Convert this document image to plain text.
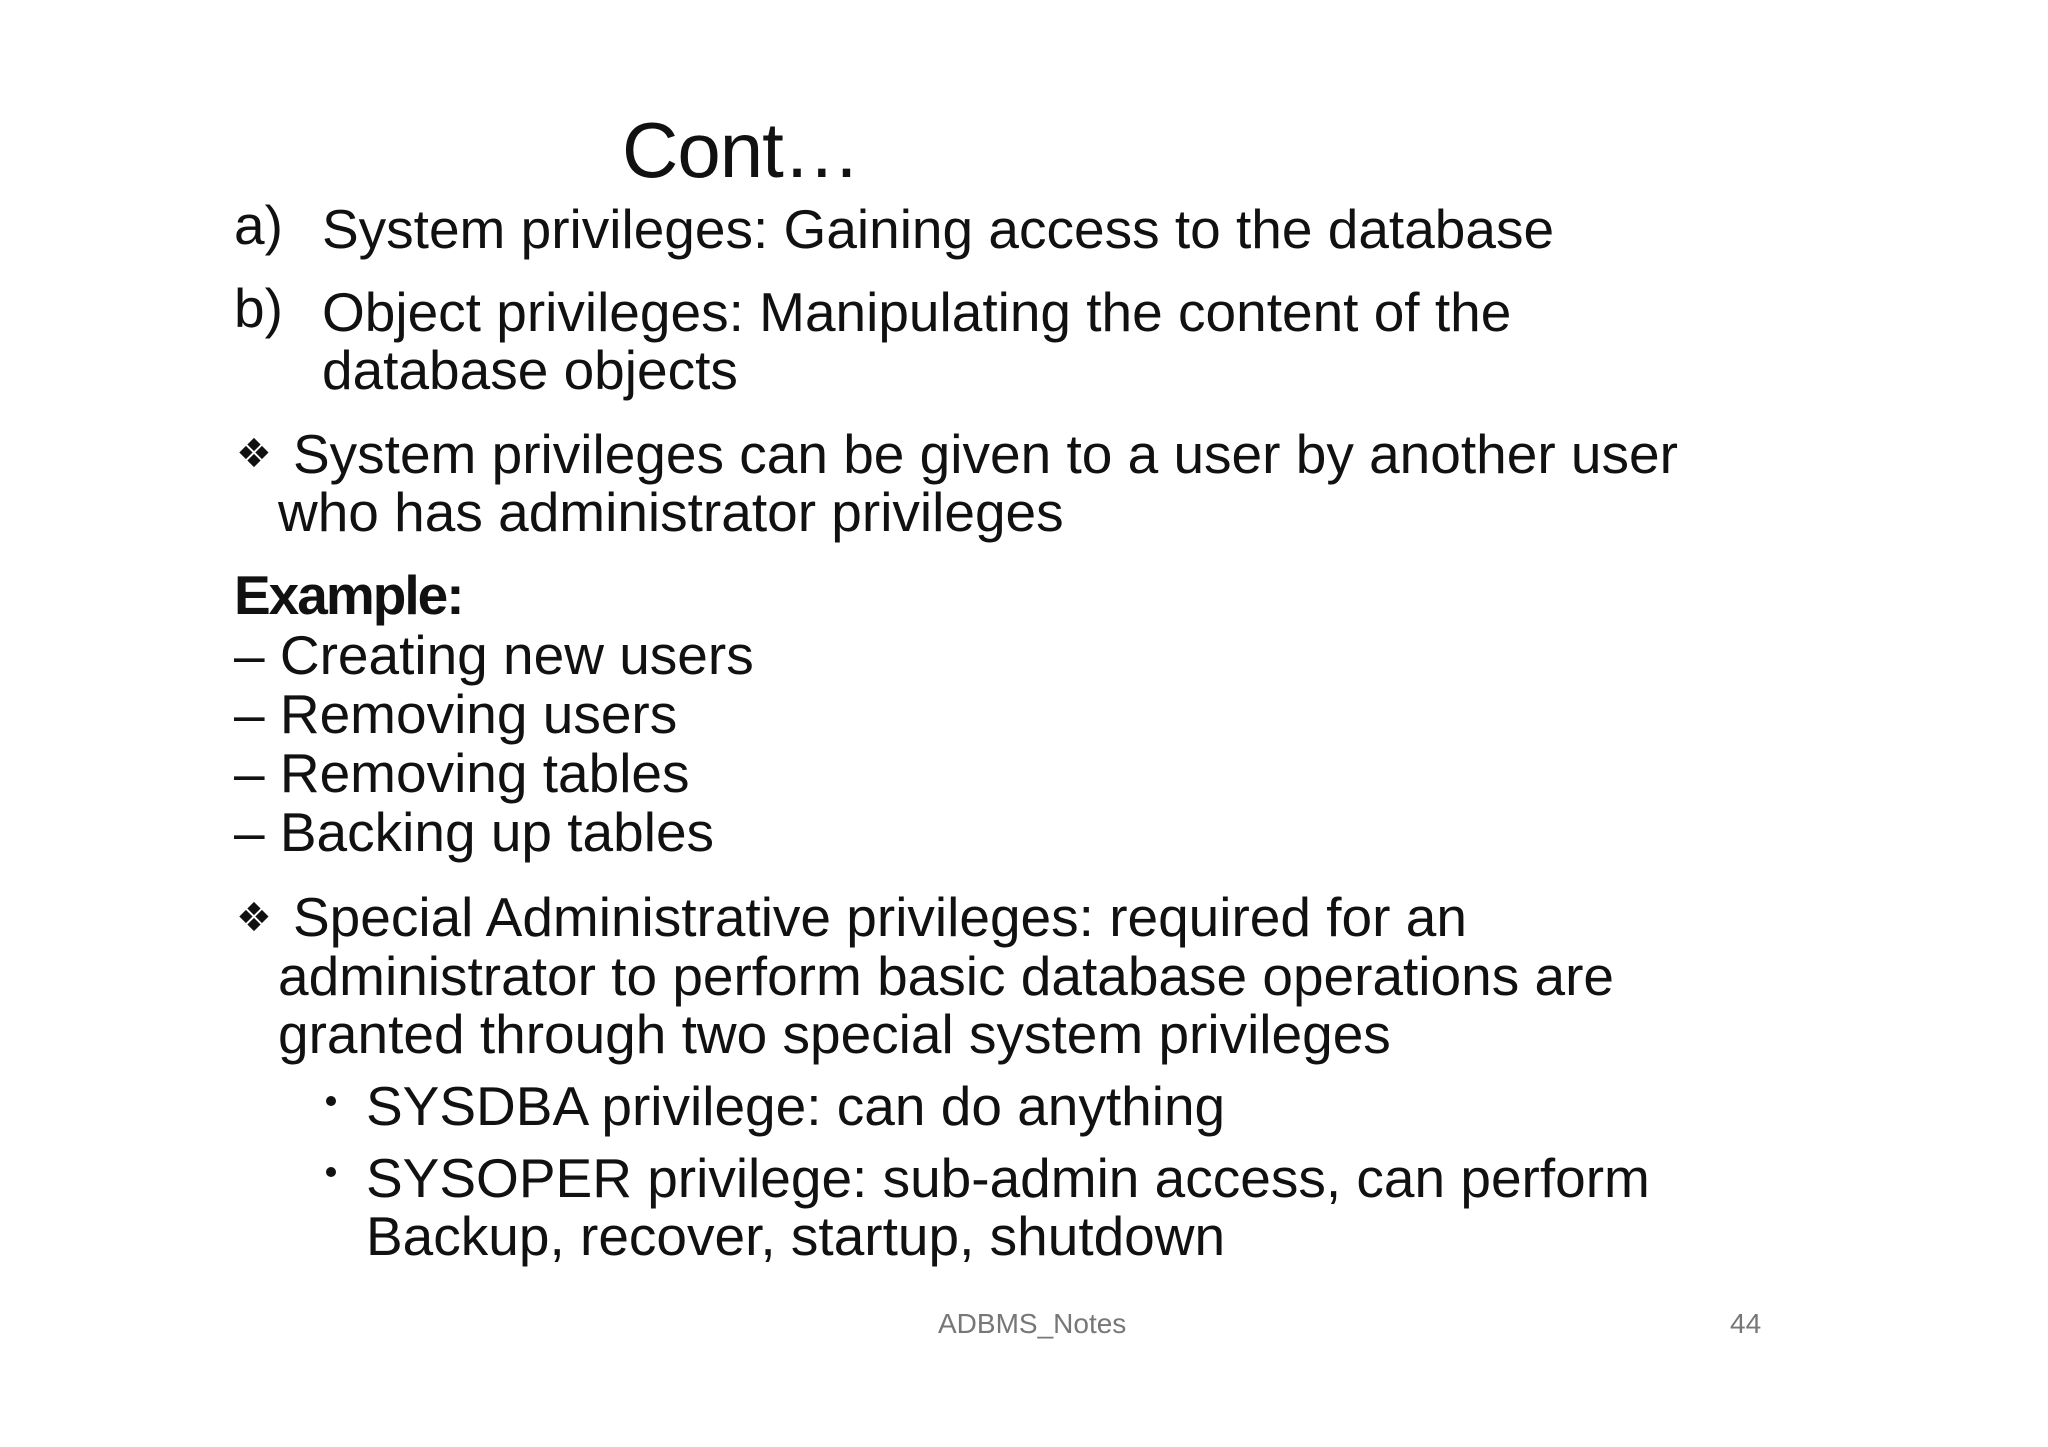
Cont…
a) System privileges: Gaining access to the database
b) Object privileges: Manipulating the content of the
database objects
❖ System privileges can be given to a user by another user
who has administrator privileges
Example:
– Creating new users
– Removing users
– Removing tables
– Backing up tables
❖ Special Administrative privileges: required for an
administrator to perform basic database operations are
granted through two special system privileges
SYSDBA privilege: can do anything
SYSOPER privilege: sub-admin access, can perform
Backup, recover, startup, shutdown
ADBMS_Notes	44
